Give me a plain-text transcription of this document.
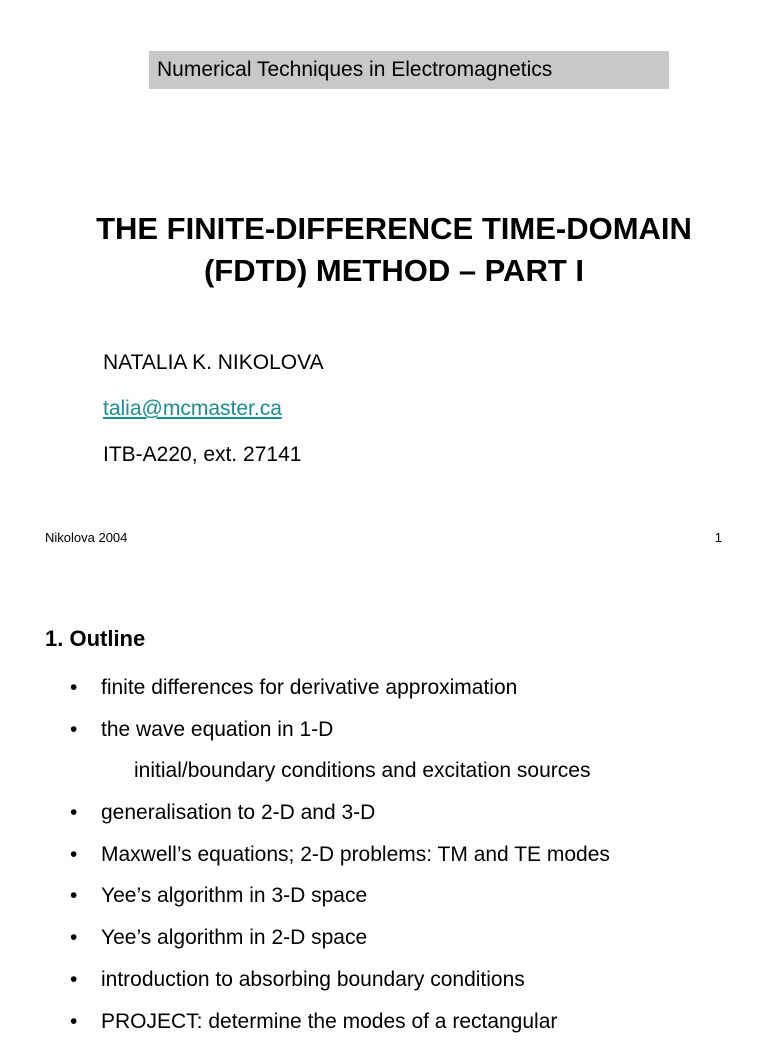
Numerical Techniques in Electromagnetics
THE FINITE-DIFFERENCE TIME-DOMAIN
(FDTD) METHOD – PART I
NATALIA K. NIKOLOVA
talia@mcmaster.ca
ITB-A220, ext. 27141
Nikolova 2004	1
1. Outline
• finite differences for derivative approximation
• the wave equation in 1-D
initial/boundary conditions and excitation sources
• generalisation to 2-D and 3-D
• Maxwell’s equations; 2-D problems: TM and TE modes
• Yee’s algorithm in 3-D space
• Yee’s algorithm in 2-D space
• introduction to absorbing boundary conditions
• PROJECT: determine the modes of a rectangular
